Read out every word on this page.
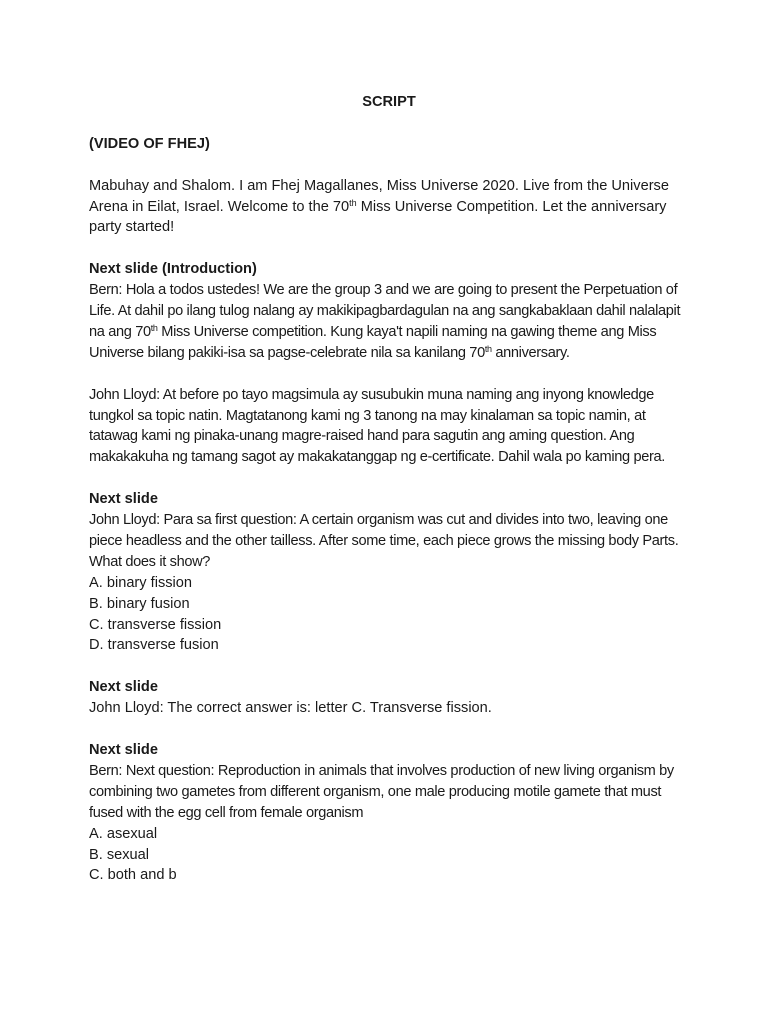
SCRIPT

(VIDEO OF FHEJ)

Mabuhay and Shalom. I am Fhej Magallanes, Miss Universe 2020. Live from the Universe Arena in Eilat, Israel. Welcome to the 70th Miss Universe Competition. Let the anniversary party started!

Next slide (Introduction)

Bern: Hola a todos ustedes! We are the group 3 and we are going to present the Perpetuation of Life. At dahil po ilang tulog nalang ay makikipagbardagulan na ang sangkabaklaan dahil nalalapit na ang 70th Miss Universe competition. Kung kaya't napili naming na gawing theme ang Miss Universe bilang pakiki-isa sa pagse-celebrate nila sa kanilang 70th anniversary.

John Lloyd: At before po tayo magsimula ay susubukin muna naming ang inyong knowledge tungkol sa topic natin. Magtatanong kami ng 3 tanong na may kinalaman sa topic namin, at tatawag kami ng pinaka-unang magre-raised hand para sagutin ang aming question. Ang makakakuha ng tamang sagot ay makakatanggap ng e-certificate. Dahil wala po kaming pera.

Next slide

John Lloyd: Para sa first question: A certain organism was cut and divides into two, leaving one piece headless and the other tailless. After some time, each piece grows the missing body Parts. What does it show?

A. binary fission

B. binary fusion

C. transverse fission

D. transverse fusion

Next slide

John Lloyd: The correct answer is: letter C. Transverse fission.

Next slide

Bern: Next question: Reproduction in animals that involves production of new living organism by combining two gametes from different organism, one male producing motile gamete that must fused with the egg cell from female organism

A. asexual

B. sexual

C. both and b
